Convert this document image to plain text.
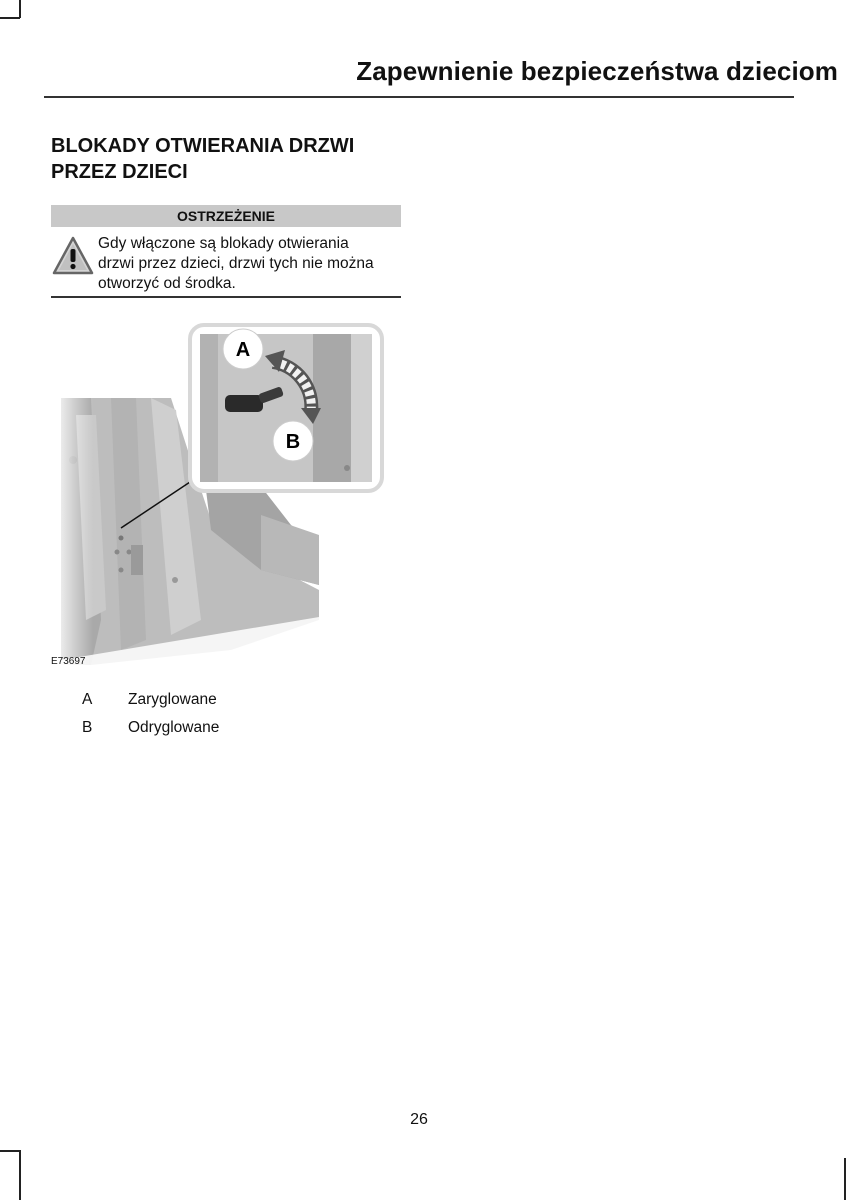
Zapewnienie bezpieczeństwa dzieciom
BLOKADY OTWIERANIA DRZWI
PRZEZ DZIECI
OSTRZEŻENIE
Gdy włączone są blokady otwierania
drzwi przez dzieci, drzwi tych nie można
otworzyć od środka.
A
B
E73697
A Zaryglowane
B Odryglowane
26
